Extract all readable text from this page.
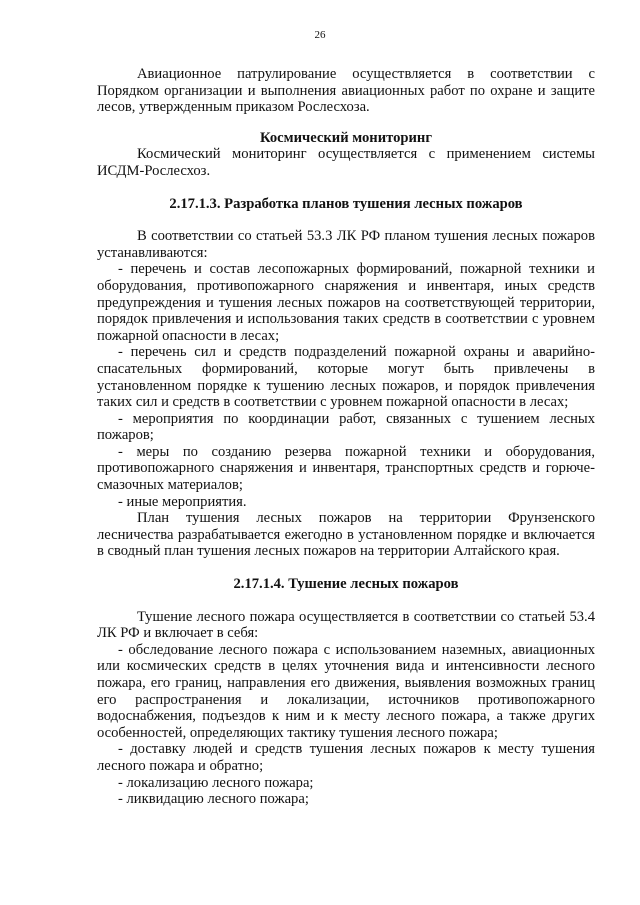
26

Авиационное патрулирование осуществляется в соответствии с Порядком организации и выполнения авиационных работ по охране и защите лесов, утвержденным приказом Рослесхоза.

Космический мониторинг

Космический мониторинг осуществляется с применением системы ИСДМ-Рослесхоз.

2.17.1.3. Разработка планов тушения лесных пожаров

В соответствии со статьей 53.3 ЛК РФ планом тушения лесных пожаров устанавливаются:

- перечень и состав лесопожарных формирований, пожарной техники и оборудования, противопожарного снаряжения и инвентаря, иных средств предупреждения и тушения лесных пожаров на соответствующей территории, порядок привлечения и использования таких средств в соответствии с уровнем пожарной опасности в лесах;

- перечень сил и средств подразделений пожарной охраны и аварийно-спасательных формирований, которые могут быть привлечены в установленном порядке к тушению лесных пожаров, и порядок привлечения таких сил и средств в соответствии с уровнем пожарной опасности в лесах;

- мероприятия по координации работ, связанных с тушением лесных пожаров;

- меры по созданию резерва пожарной техники и оборудования, противопожарного снаряжения и инвентаря, транспортных средств и горюче-смазочных материалов;

- иные мероприятия.

План тушения лесных пожаров на территории Фрунзенского лесничества разрабатывается ежегодно в установленном порядке и включается в сводный план тушения лесных пожаров на территории Алтайского края.

2.17.1.4. Тушение лесных пожаров

Тушение лесного пожара осуществляется в соответствии со статьей 53.4 ЛК РФ и включает в себя:

- обследование лесного пожара с использованием наземных, авиационных или космических средств в целях уточнения вида и интенсивности лесного пожара, его границ, направления его движения, выявления возможных границ его распространения и локализации, источников противопожарного водоснабжения, подъездов к ним и к месту лесного пожара, а также других особенностей, определяющих тактику тушения лесного пожара;

- доставку людей и средств тушения лесных пожаров к месту тушения лесного пожара и обратно;

- локализацию лесного пожара;

- ликвидацию лесного пожара;
